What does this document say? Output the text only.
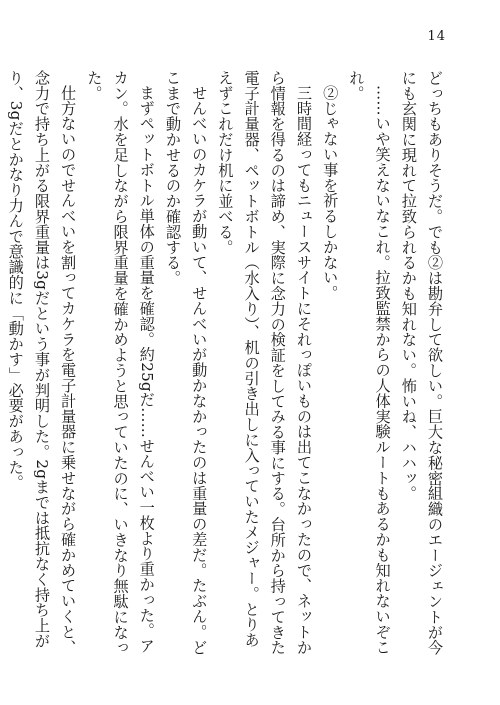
14

どっちもありそうだ。でも②は勘弁して欲しい。巨大な秘密組織のエージェントが今にも玄関に現れて拉致られるかも知れない。怖いね、ハハッ。

……いや笑えないなこれ。拉致監禁からの人体実験ルートもあるかも知れないぞこれ。

②じゃない事を祈るしかない。

三時間経ってもニュースサイトにそれっぽいものは出てこなかったので、ネットから情報を得るのは諦め、実際に念力の検証をしてみる事にする。台所から持ってきた電子計量器、ペットボトル（水入り）、机の引き出しに入っていたメジャー。とりあえずこれだけ机に並べる。

せんべいのカケラが動いて、せんべいが動かなかったのは重量の差だ。たぶん。どこまで動かせるのか確認する。

まずペットボトル単体の重量を確認。約25gだ……せんべい一枚より重かった。アカン。水を足しながら限界重量を確かめようと思っていたのに、いきなり無駄になった。

仕方ないのでせんべいを割ってカケラを電子計量器に乗せながら確かめていくと、念力で持ち上がる限界重量は3gだという事が判明した。2gまでは抵抗なく持ち上がり、3gだとかなり力んで意識的に「動かす」必要があった。
